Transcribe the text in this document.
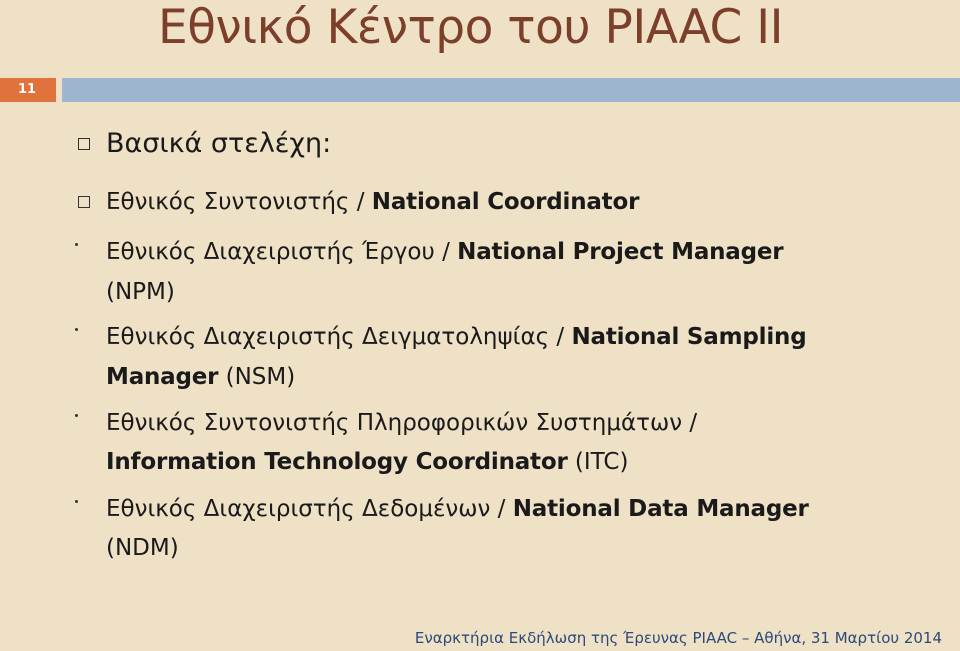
Εθνικό Κέντρο του PIAAC II
11
Βασικά στελέχη:
Εθνικός Συντονιστής / National Coordinator
Εθνικός Διαχειριστής Έργου / National Project Manager
(NPM)
Εθνικός Διαχειριστής Δειγματοληψίας / National Sampling
Manager (NSM)
Εθνικός Συντονιστής Πληροφορικών Συστημάτων /
Information Technology Coordinator (ITC)
Εθνικός Διαχειριστής Δεδομένων / National Data Manager
(NDM)
Εναρκτήρια Εκδήλωση της Έρευνας PIAAC – Αθήνα, 31 Μαρτίου 2014
